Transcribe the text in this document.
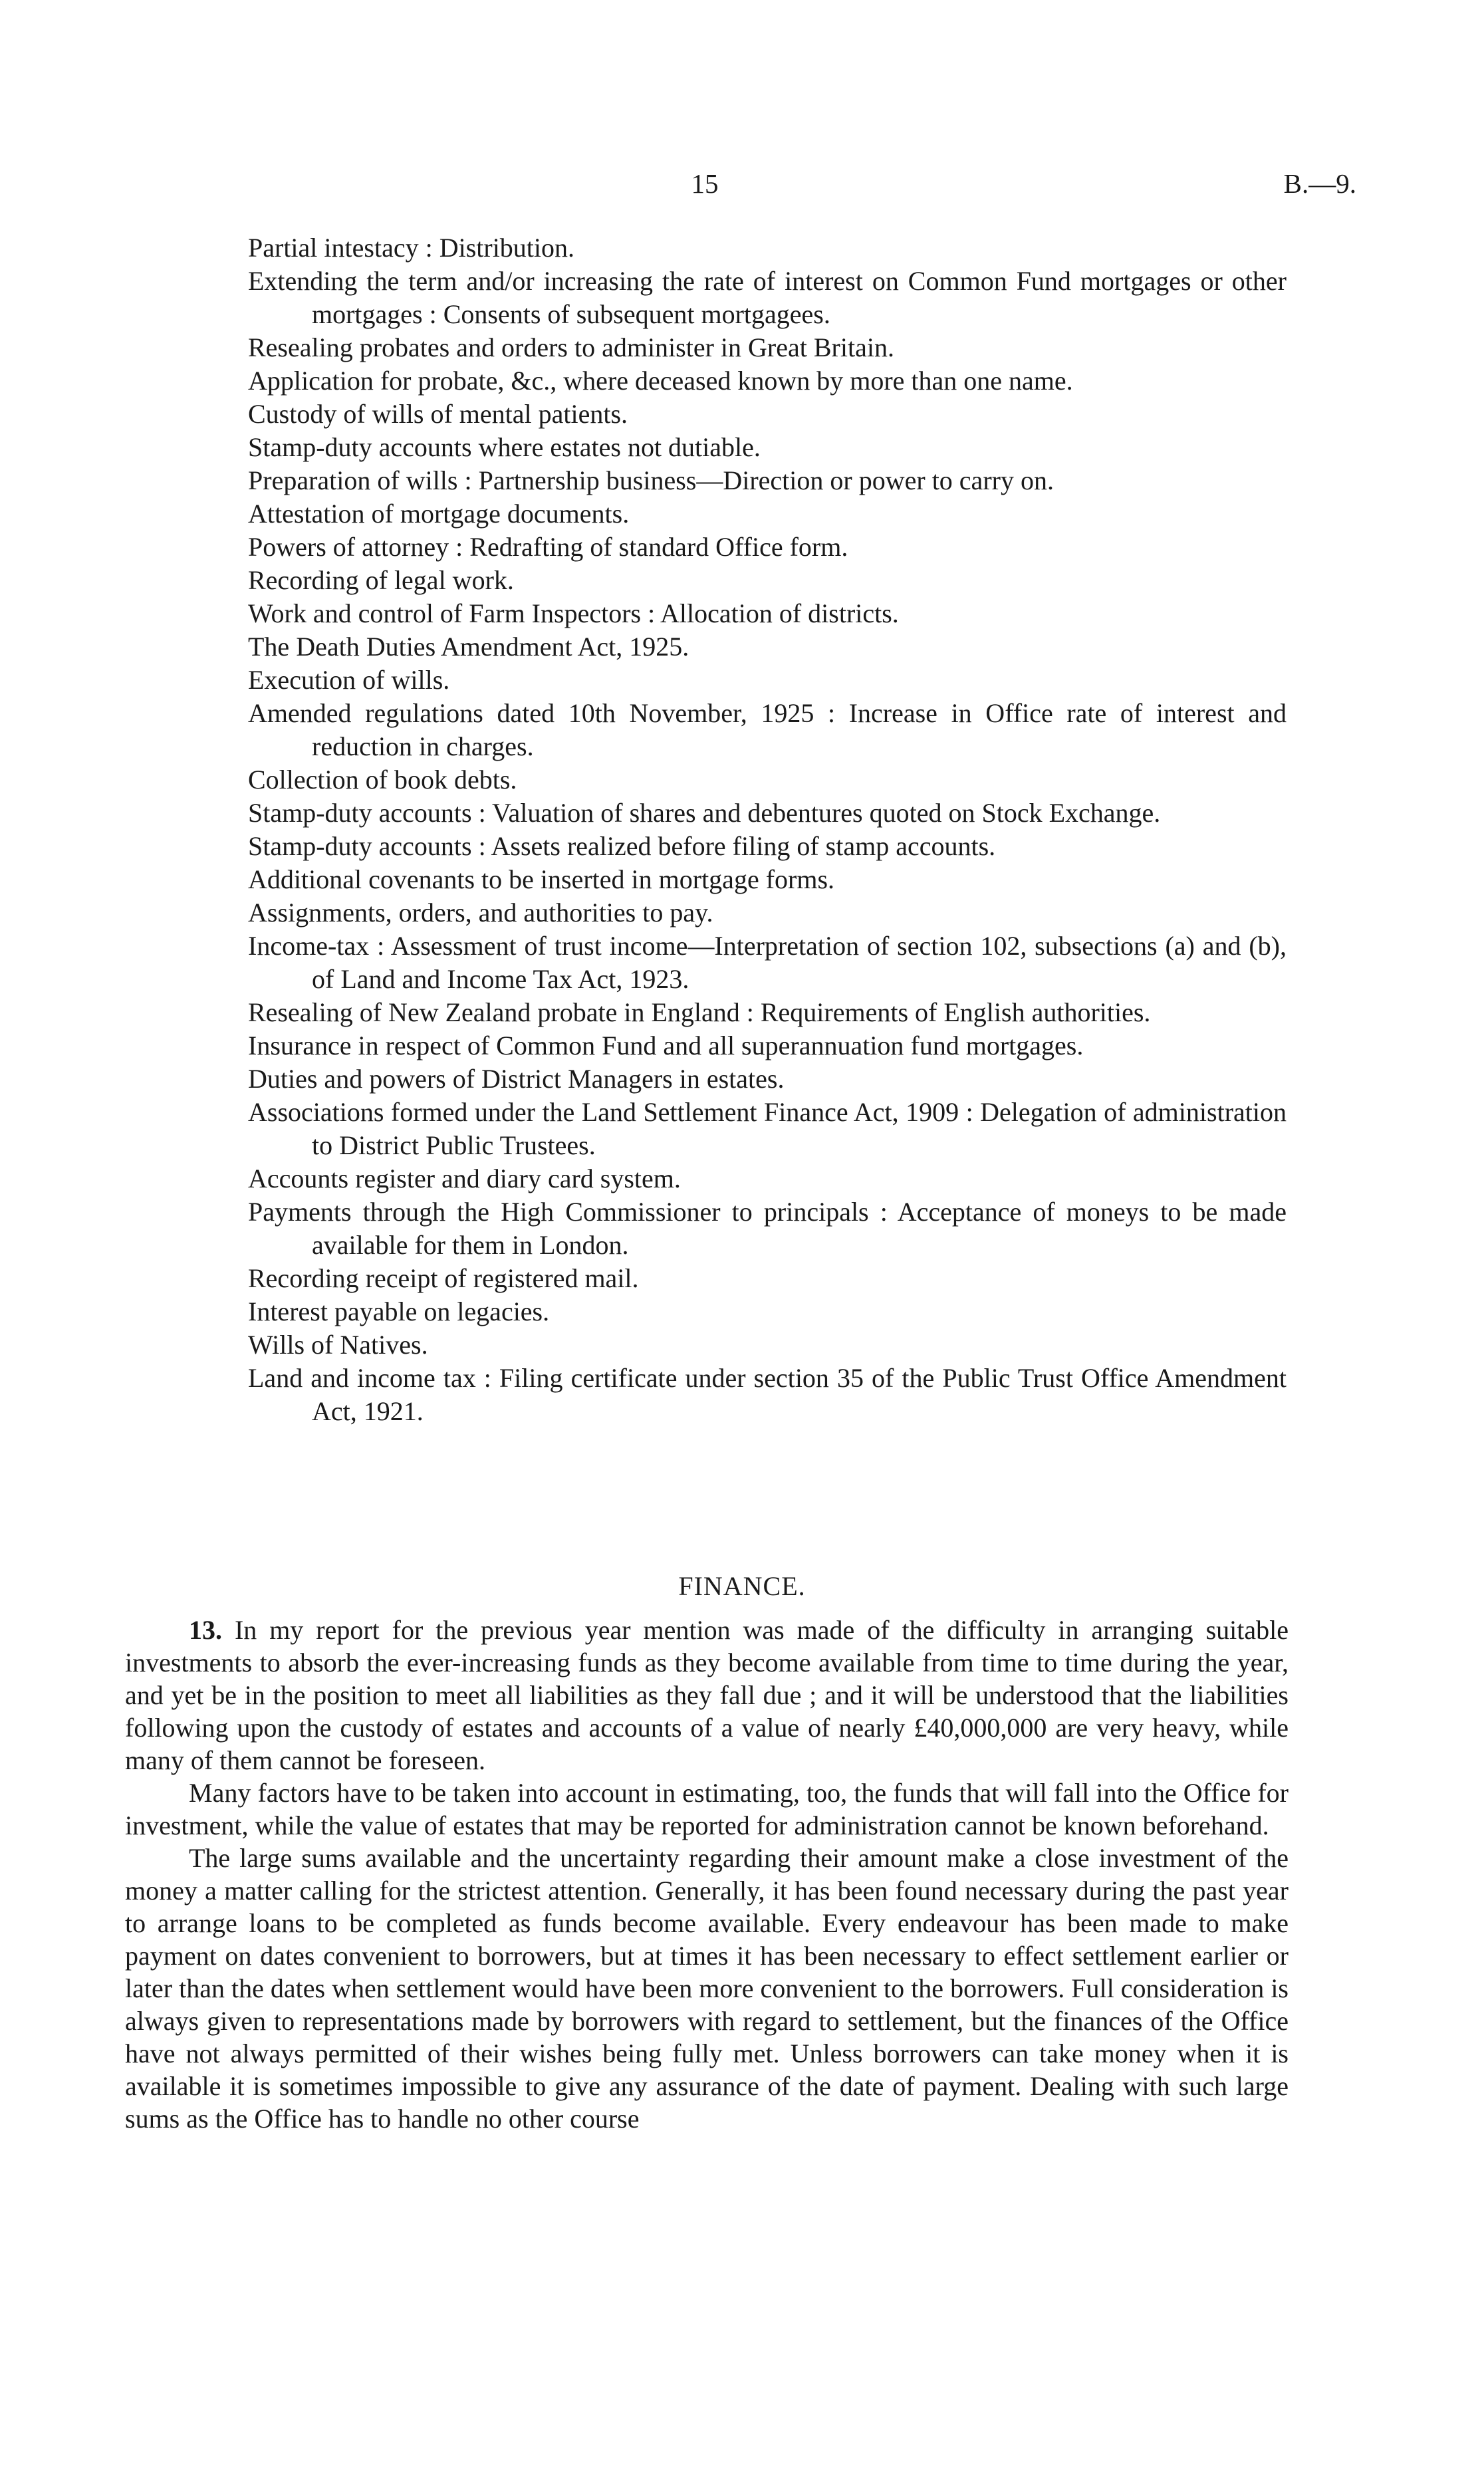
15	B.—9.
Partial intestacy : Distribution.
Extending the term and/or increasing the rate of interest on Common Fund mortgages or other mortgages : Consents of subsequent mortgagees.
Resealing probates and orders to administer in Great Britain.
Application for probate, &c., where deceased known by more than one name.
Custody of wills of mental patients.
Stamp-duty accounts where estates not dutiable.
Preparation of wills : Partnership business—Direction or power to carry on.
Attestation of mortgage documents.
Powers of attorney : Redrafting of standard Office form.
Recording of legal work.
Work and control of Farm Inspectors : Allocation of districts.
The Death Duties Amendment Act, 1925.
Execution of wills.
Amended regulations dated 10th November, 1925 : Increase in Office rate of interest and reduction in charges.
Collection of book debts.
Stamp-duty accounts : Valuation of shares and debentures quoted on Stock Exchange.
Stamp-duty accounts : Assets realized before filing of stamp accounts.
Additional covenants to be inserted in mortgage forms.
Assignments, orders, and authorities to pay.
Income-tax : Assessment of trust income—Interpretation of section 102, subsections (a) and (b), of Land and Income Tax Act, 1923.
Resealing of New Zealand probate in England : Requirements of English authorities.
Insurance in respect of Common Fund and all superannuation fund mortgages.
Duties and powers of District Managers in estates.
Associations formed under the Land Settlement Finance Act, 1909 : Delegation of administration to District Public Trustees.
Accounts register and diary card system.
Payments through the High Commissioner to principals : Acceptance of moneys to be made available for them in London.
Recording receipt of registered mail.
Interest payable on legacies.
Wills of Natives.
Land and income tax : Filing certificate under section 35 of the Public Trust Office Amendment Act, 1921.
FINANCE.

13. In my report for the previous year mention was made of the difficulty in arranging suitable investments to absorb the ever-increasing funds as they become available from time to time during the year, and yet be in the position to meet all liabilities as they fall due ; and it will be understood that the liabilities following upon the custody of estates and accounts of a value of nearly £40,000,000 are very heavy, while many of them cannot be foreseen.

Many factors have to be taken into account in estimating, too, the funds that will fall into the Office for investment, while the value of estates that may be reported for administration cannot be known beforehand.

The large sums available and the uncertainty regarding their amount make a close investment of the money a matter calling for the strictest attention. Generally, it has been found necessary during the past year to arrange loans to be completed as funds become available. Every endeavour has been made to make payment on dates convenient to borrowers, but at times it has been necessary to effect settlement earlier or later than the dates when settlement would have been more convenient to the borrowers. Full consideration is always given to representations made by borrowers with regard to settlement, but the finances of the Office have not always permitted of their wishes being fully met. Unless borrowers can take money when it is available it is sometimes impossible to give any assurance of the date of payment. Dealing with such large sums as the Office has to handle no other course
